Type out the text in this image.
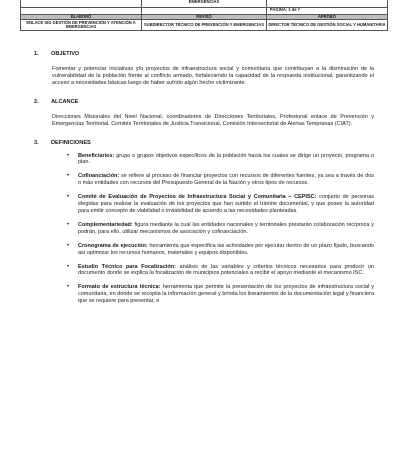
	EMERGENCIAS	
		PÁGINA: 1 de 7
ELABORÓ	REVISÓ	APROBÓ
ENLACE SIG GESTIÓN DE PREVENCIÓN Y ATENCIÓN A EMERGENCIAS	SUBDIRECTOR TÉCNICO DE PREVENCIÓN Y EMERGENCIAS	DIRECTOR TÉCNICO DE GESTIÓN SOCIAL Y HUMANITARIA
1.	OBJETIVO

Fomentar y potenciar iniciativas y/o proyectos de infraestructura social y comunitaria que contribuyan a la disminución de la vulnerabilidad de la población frente al conflicto armado, fortaleciendo la capacidad de la respuesta institucional, garantizando el acceso a necesidades básicas luego de haber sufrido algún hecho victimizante.

2.	ALCANCE

Direcciones Misionales del Nivel Nacional, coordinadores de Direcciones Territoriales, Profesional enlace de Prevención y Emergencias Territorial. Comités Territoriales de Justicia Transicional, Comisión Intersectorial de Alertas Tempranas (CIAT).

3.	DEFINICIONES
• Beneficiarios: grupo o grupos objetivos específicos de la población hacia los cuales se dirige un proyecto, programa o plan.
• Cofinanciación: se refiere al proceso de financiar proyectos con recursos de diferentes fuentes, ya sea a través de dos o más entidades con recursos del Presupuesto General de la Nación y otros tipos de recursos.
• Comité de Evaluación de Proyectos de Infraestructura Social y Comunitaria – CEPISC: conjunto de personas elegidas para realizar la evaluación de los proyectos que han surtido el trámite documental, y que posee la autoridad para emitir concepto de viabilidad o inviabilidad de acuerdo a las necesidades planteadas.
• Complementariedad: figura mediante la cual las entidades nacionales y territoriales prestarán colaboración recíproca y podrán, para ello, utilizar mecanismos de asociación y cofinanciación.
• Cronograma de ejecución: herramienta que especifica las actividades por ejecutar dentro de un plazo fijado, buscando así optimizar los recursos humanos, materiales y equipos disponibles.
• Estudio Técnico para Focalización: análisis de las variables y criterios técnicos necesarios para producir un documento donde se explica la focalización de municipios potenciales a recibir el apoyo mediante el mecanismo ISC.
• Formato de estructura técnica: herramienta que permite la presentación de los proyectos de infraestructura social y comunitaria, en donde se recopila la información general y brinda los lineamientos de la documentación legal y financiera que se requiere para presentar, e
